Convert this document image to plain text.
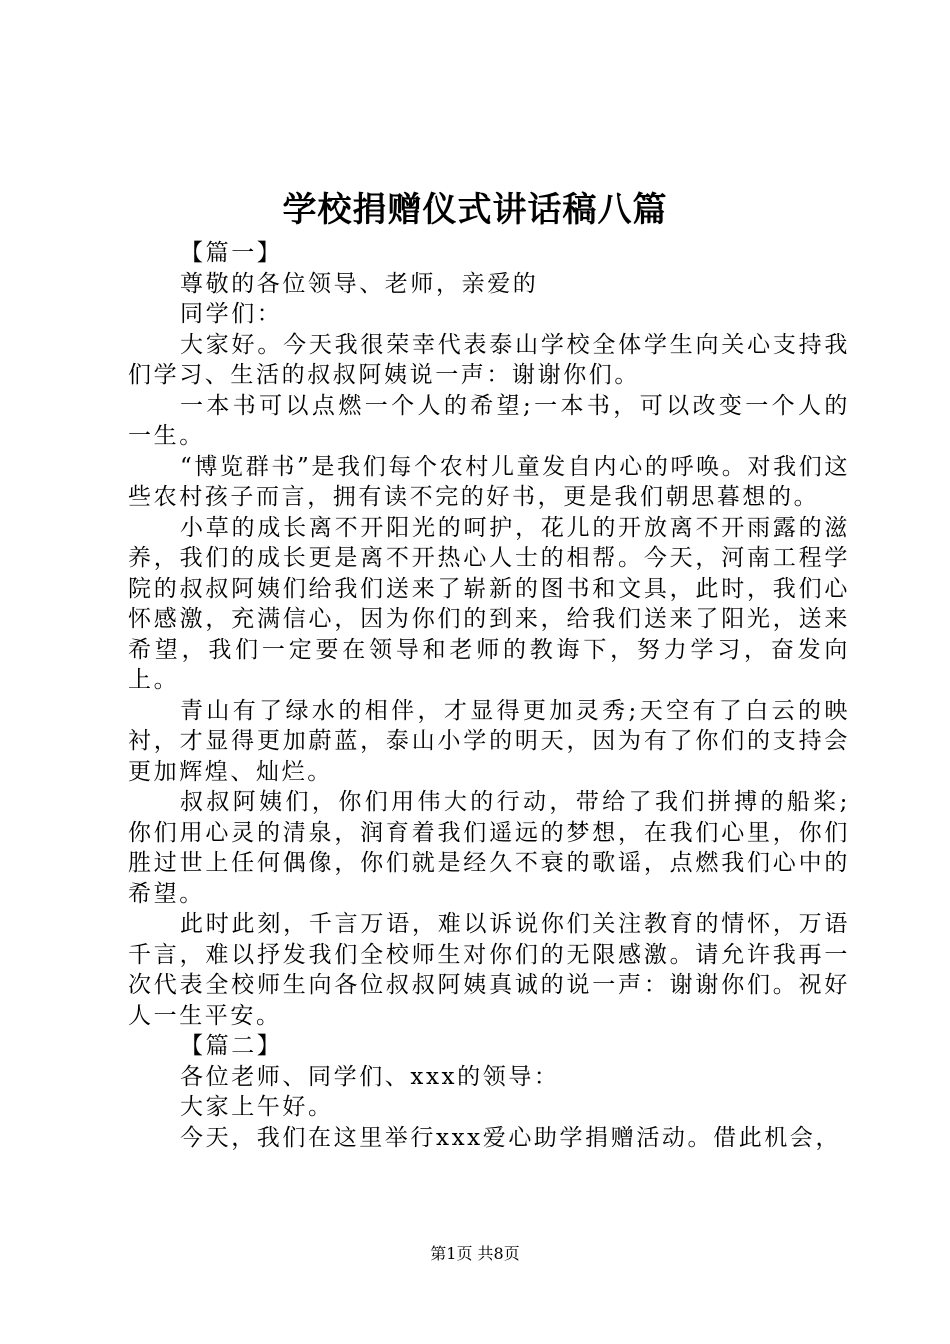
学校捐赠仪式讲话稿八篇

【篇一】

尊敬的各位领导、老师，亲爱的

同学们：

大家好。今天我很荣幸代表泰山学校全体学生向关心支持我们学习、生活的叔叔阿姨说一声：谢谢你们。

一本书可以点燃一个人的希望;一本书，可以改变一个人的一生。

“博览群书”是我们每个农村儿童发自内心的呼唤。对我们这些农村孩子而言，拥有读不完的好书，更是我们朝思暮想的。

小草的成长离不开阳光的呵护，花儿的开放离不开雨露的滋养，我们的成长更是离不开热心人士的相帮。今天，河南工程学院的叔叔阿姨们给我们送来了崭新的图书和文具，此时，我们心怀感激，充满信心，因为你们的到来，给我们送来了阳光，送来希望，我们一定要在领导和老师的教诲下，努力学习，奋发向上。

青山有了绿水的相伴，才显得更加灵秀;天空有了白云的映衬，才显得更加蔚蓝，泰山小学的明天，因为有了你们的支持会更加辉煌、灿烂。

叔叔阿姨们，你们用伟大的行动，带给了我们拼搏的船桨;你们用心灵的清泉，润育着我们遥远的梦想，在我们心里，你们胜过世上任何偶像，你们就是经久不衰的歌谣，点燃我们心中的希望。

此时此刻，千言万语，难以诉说你们关注教育的情怀，万语千言，难以抒发我们全校师生对你们的无限感激。请允许我再一次代表全校师生向各位叔叔阿姨真诚的说一声：谢谢你们。祝好人一生平安。

【篇二】

各位老师、同学们、xxx的领导：

大家上午好。

今天，我们在这里举行xxx爱心助学捐赠活动。借此机会，

第1页 共8页
